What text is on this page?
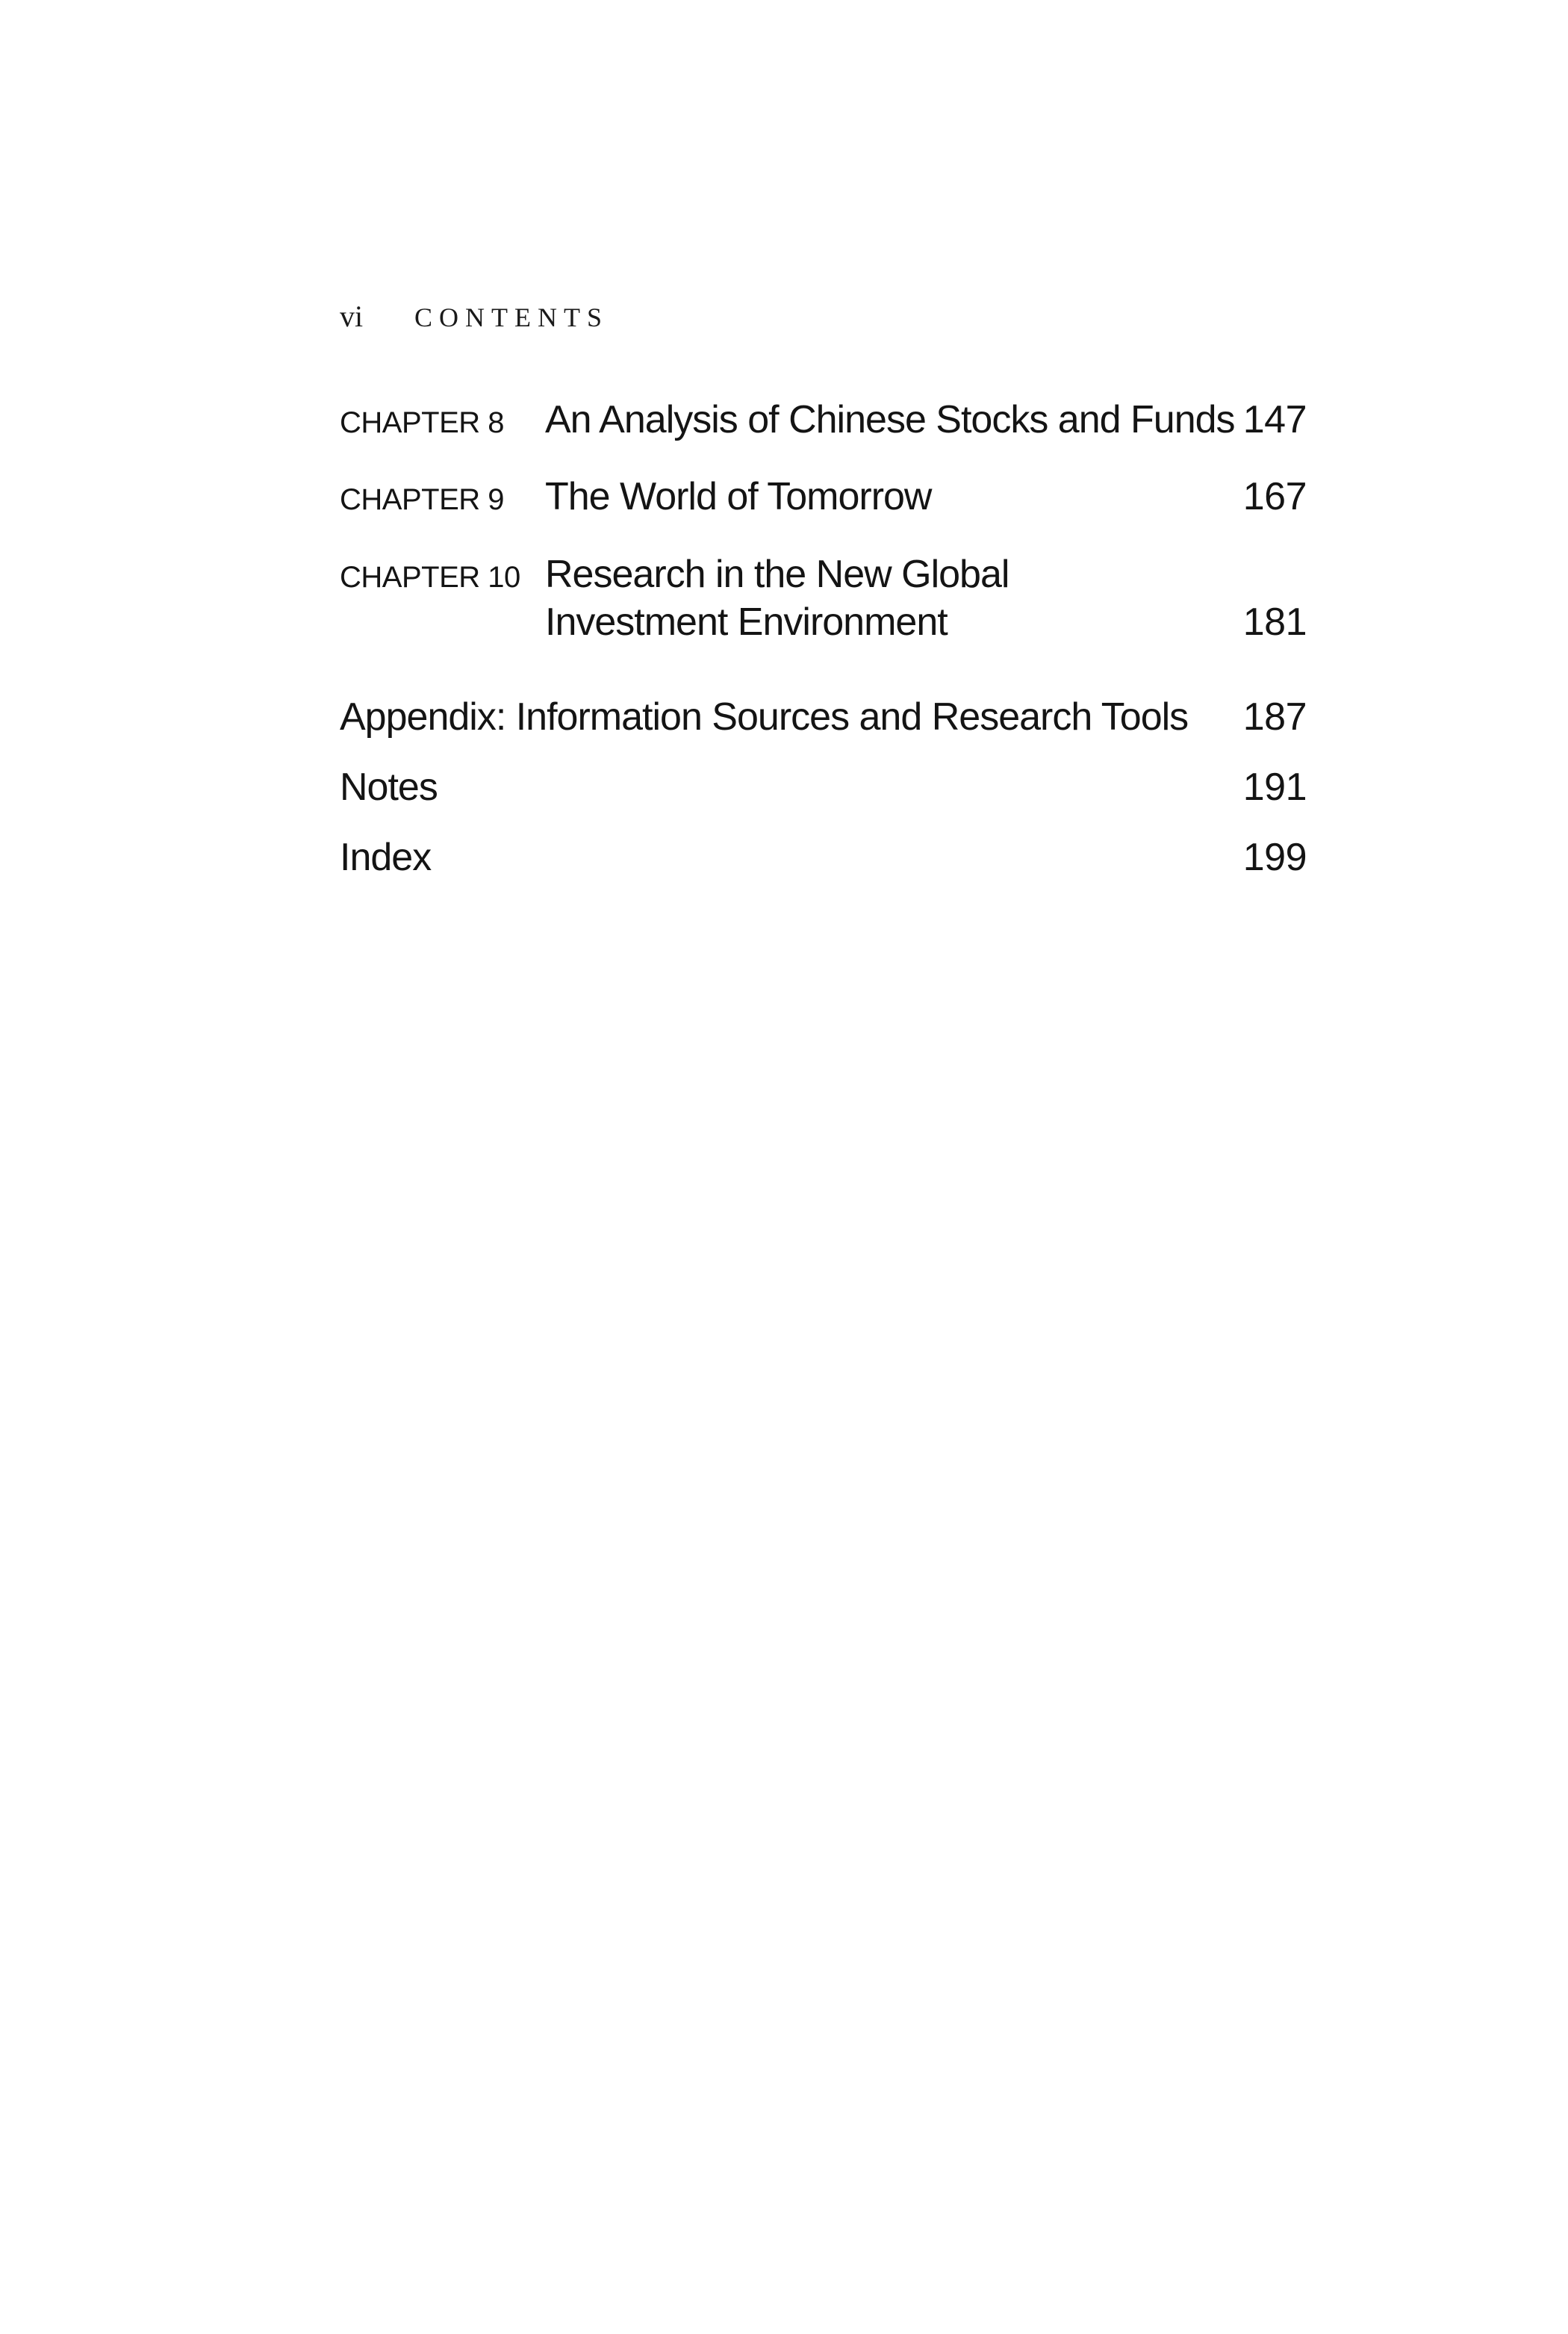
vi	CONTENTS
CHAPTER 8 An Analysis of Chinese Stocks and Funds 147
CHAPTER 9 The World of Tomorrow	167
CHAPTER 10 Research in the New Global
Investment Environment	181
Appendix: Information Sources and Research Tools 187
Notes	191
Index	199
